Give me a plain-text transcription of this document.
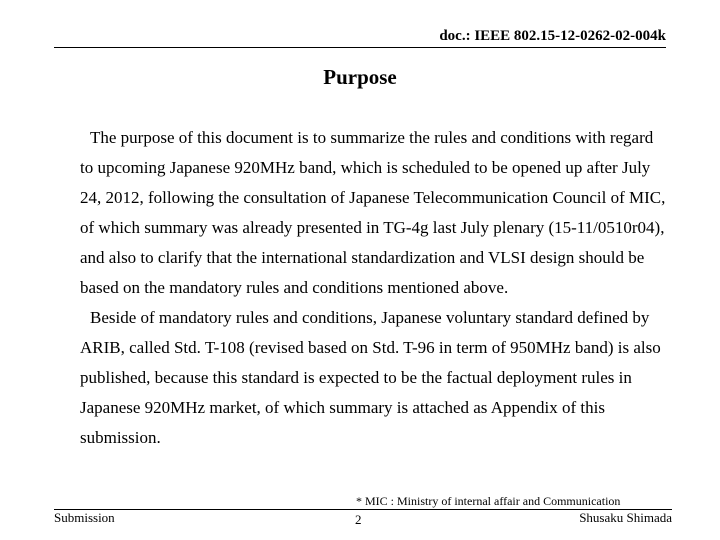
doc.: IEEE 802.15-12-0262-02-004k
Purpose

The purpose of this document is to summarize the rules and conditions with regard to upcoming Japanese 920MHz band, which is scheduled to be opened up after July 24, 2012, following the consultation of Japanese Telecommunication Council of MIC, of which summary was already presented in TG-4g last July plenary (15-11/0510r04), and also to clarify that the international standardization and VLSI design should be based on the mandatory rules and conditions mentioned above.

Beside of mandatory rules and conditions, Japanese voluntary standard defined by ARIB, called Std. T-108 (revised based on Std. T-96 in term of 950MHz band) is also published, because this standard is expected to be the factual deployment rules in Japanese 920MHz market, of which summary is attached as Appendix of this submission.

* MIC : Ministry of internal affair and Communication
Submission	2	Shusaku Shimada
